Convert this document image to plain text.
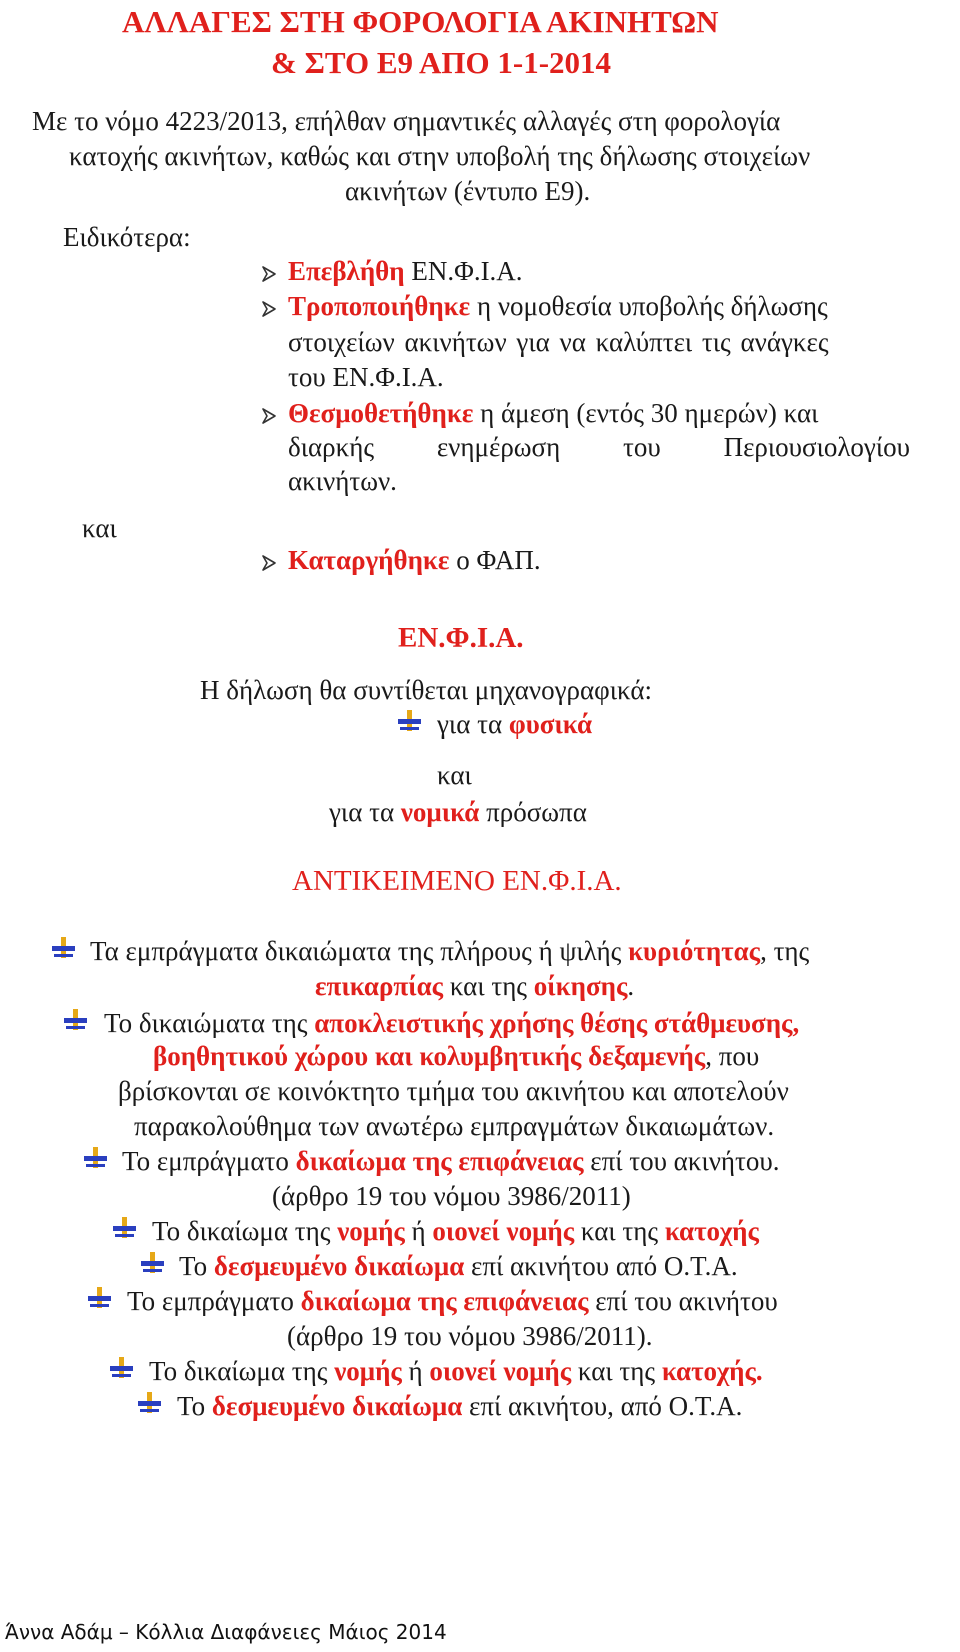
ΑΛΛΑΓΕΣ ΣΤΗ ΦΟΡΟΛΟΓΙΑ ΑΚΙΝΗΤΩΝ
& ΣΤΟ Ε9 ΑΠΟ 1-1-2014
Με το νόμο 4223/2013, επήλθαν σημαντικές αλλαγές στη φορολογία
κατοχής ακινήτων, καθώς και στην υποβολή της δήλωσης στοιχείων
ακινήτων (έντυπο Ε9).
Ειδικότερα:
Επεβλήθη ΕΝ.Φ.Ι.Α.
Τροποποιήθηκε η νομοθεσία υποβολής δήλωσης
στοιχείων ακινήτων για να καλύπτει τις ανάγκες
του ΕΝ.Φ.Ι.Α.
Θεσμοθετήθηκε η άμεση (εντός 30 ημερών) και
διαρκής ενημέρωση του Περιουσιολογίου
ακινήτων.
και
Καταργήθηκε ο ΦΑΠ.
ΕΝ.Φ.Ι.Α.
Η δήλωση θα συντίθεται μηχανογραφικά:
για τα φυσικά
και
για τα νομικά πρόσωπα
ΑΝΤΙΚΕΙΜΕΝΟ ΕΝ.Φ.Ι.Α.
Τα εμπράγματα δικαιώματα της πλήρους ή ψιλής κυριότητας, της
επικαρπίας και της οίκησης.
Το δικαιώματα της αποκλειστικής χρήσης θέσης στάθμευσης,
βοηθητικού χώρου και κολυμβητικής δεξαμενής, που
βρίσκονται σε κοινόκτητο τμήμα του ακινήτου και αποτελούν
παρακολούθημα των ανωτέρω εμπραγμάτων δικαιωμάτων.
Το εμπράγματο δικαίωμα της επιφάνειας επί του ακινήτου.
(άρθρο 19 του νόμου 3986/2011)
Το δικαίωμα της νομής ή οιονεί νομής και της κατοχής
Το δεσμευμένο δικαίωμα επί ακινήτου από Ο.Τ.Α.
Το εμπράγματο δικαίωμα της επιφάνειας επί του ακινήτου
(άρθρο 19 του νόμου 3986/2011).
Το δικαίωμα της νομής ή οιονεί νομής και της κατοχής.
Το δεσμευμένο δικαίωμα επί ακινήτου, από Ο.Τ.Α.
Άννα Αδάμ – Κόλλια Διαφάνειες Μάιος 2014
